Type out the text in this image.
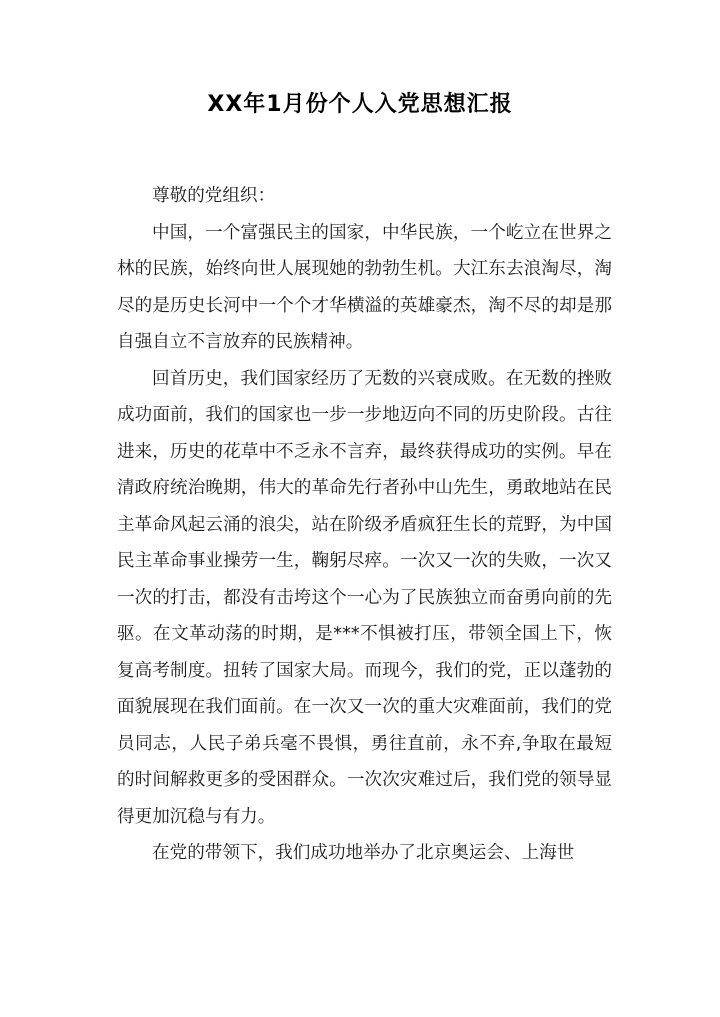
XX年1月份个人入党思想汇报

尊敬的党组织：

中国，一个富强民主的国家，中华民族，一个屹立在世界之林的民族，始终向世人展现她的勃勃生机。大江东去浪淘尽，淘尽的是历史长河中一个个才华横溢的英雄豪杰，淘不尽的却是那自强自立不言放弃的民族精神。

回首历史，我们国家经历了无数的兴衰成败。在无数的挫败成功面前，我们的国家也一步一步地迈向不同的历史阶段。古往进来，历史的花草中不乏永不言弃，最终获得成功的实例。早在清政府统治晚期，伟大的革命先行者孙中山先生，勇敢地站在民主革命风起云涌的浪尖，站在阶级矛盾疯狂生长的荒野，为中国民主革命事业操劳一生，鞠躬尽瘁。一次又一次的失败，一次又一次的打击，都没有击垮这个一心为了民族独立而奋勇向前的先驱。在文革动荡的时期，是***不惧被打压，带领全国上下，恢复高考制度。扭转了国家大局。而现今，我们的党，正以蓬勃的面貌展现在我们面前。在一次又一次的重大灾难面前，我们的党员同志，人民子弟兵毫不畏惧，勇往直前，永不弃,争取在最短的时间解救更多的受困群众。一次次灾难过后，我们党的领导显得更加沉稳与有力。

在党的带领下，我们成功地举办了北京奥运会、上海世
